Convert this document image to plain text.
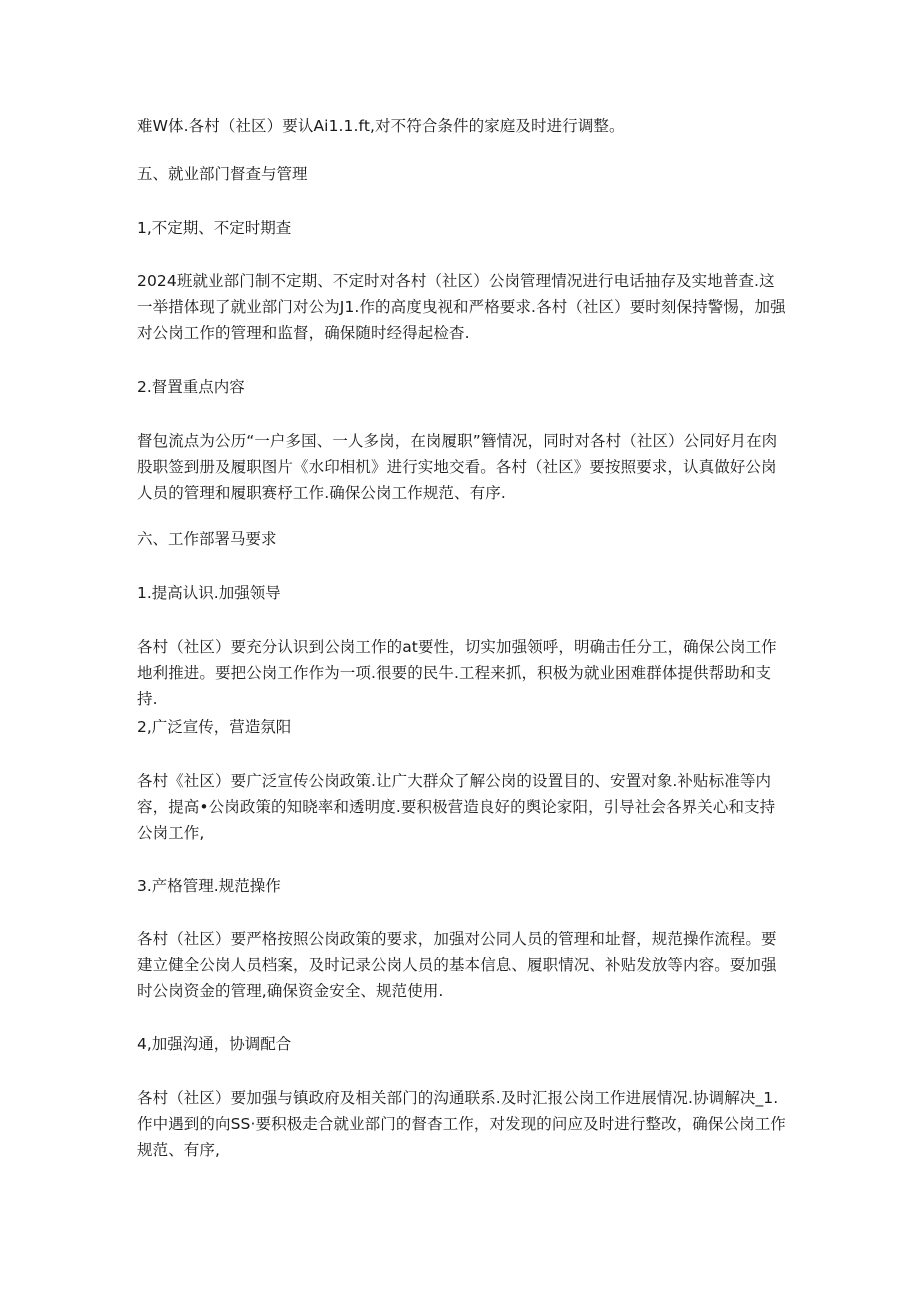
难W体.各村（社区）要认Ai1.1.ft,对不符合条件的家庭及时进行调整。

五、就业部门督查与管理

1,不定期、不定时期查

2024班就业部门制不定期、不定时对各村（社区）公岗管理情况进行电话抽存及实地普查.这一举措体现了就业部门对公为J1.作的高度曳视和严格要求.各村（社区）要时刻保持警惕，加强对公岗工作的管理和监督，确保随时经得起检杳.

2.督置重点内容

督包流点为公历“一户多国、一人多岗，在岗履职”簪情况，同时对各村（社区）公同好月在肉股职签到册及履职图片《水印相机》进行实地交看。各村（社区》要按照要求，认真做好公岗人员的管理和履职赛杼工作.确保公岗工作规范、有序.

六、工作部署马要求

1.提高认识.加强领导

各村（社区）要充分认识到公岗工作的at要性，切实加强领呼，明确击任分工，确保公岗工作地利推进。要把公岗工作作为一项.很要的民牛.工程来抓，积极为就业困难群体提供帮助和支持.

2,广泛宣传，营造氛阳

各村《社区）要广泛宣传公岗政策.让广大群众了解公岗的设置目的、安置对象.补贴标准等内容，提高•公岗政策的知晓率和透明度.要积极营造良好的舆论家阳，引导社会各界关心和支持公岗工作,

3.产格管理.规范操作

各村（社区）要严格按照公岗政策的要求，加强对公同人员的管理和址督，规范操作流程。要建立健全公岗人员档案，及时记录公岗人员的基本信息、履职情况、补贴发放等内容。耍加强时公岗资金的管理,确保资金安全、规范使用.

4,加强沟通，协调配合

各村（社区）要加强与镇政府及相关部门的沟通联系.及时汇报公岗工作进展情况.协调解决_1.作中遇到的向SS·要积极走合就业部门的督杳工作，对发现的问应及时进行整改，确保公岗工作规范、有序,
